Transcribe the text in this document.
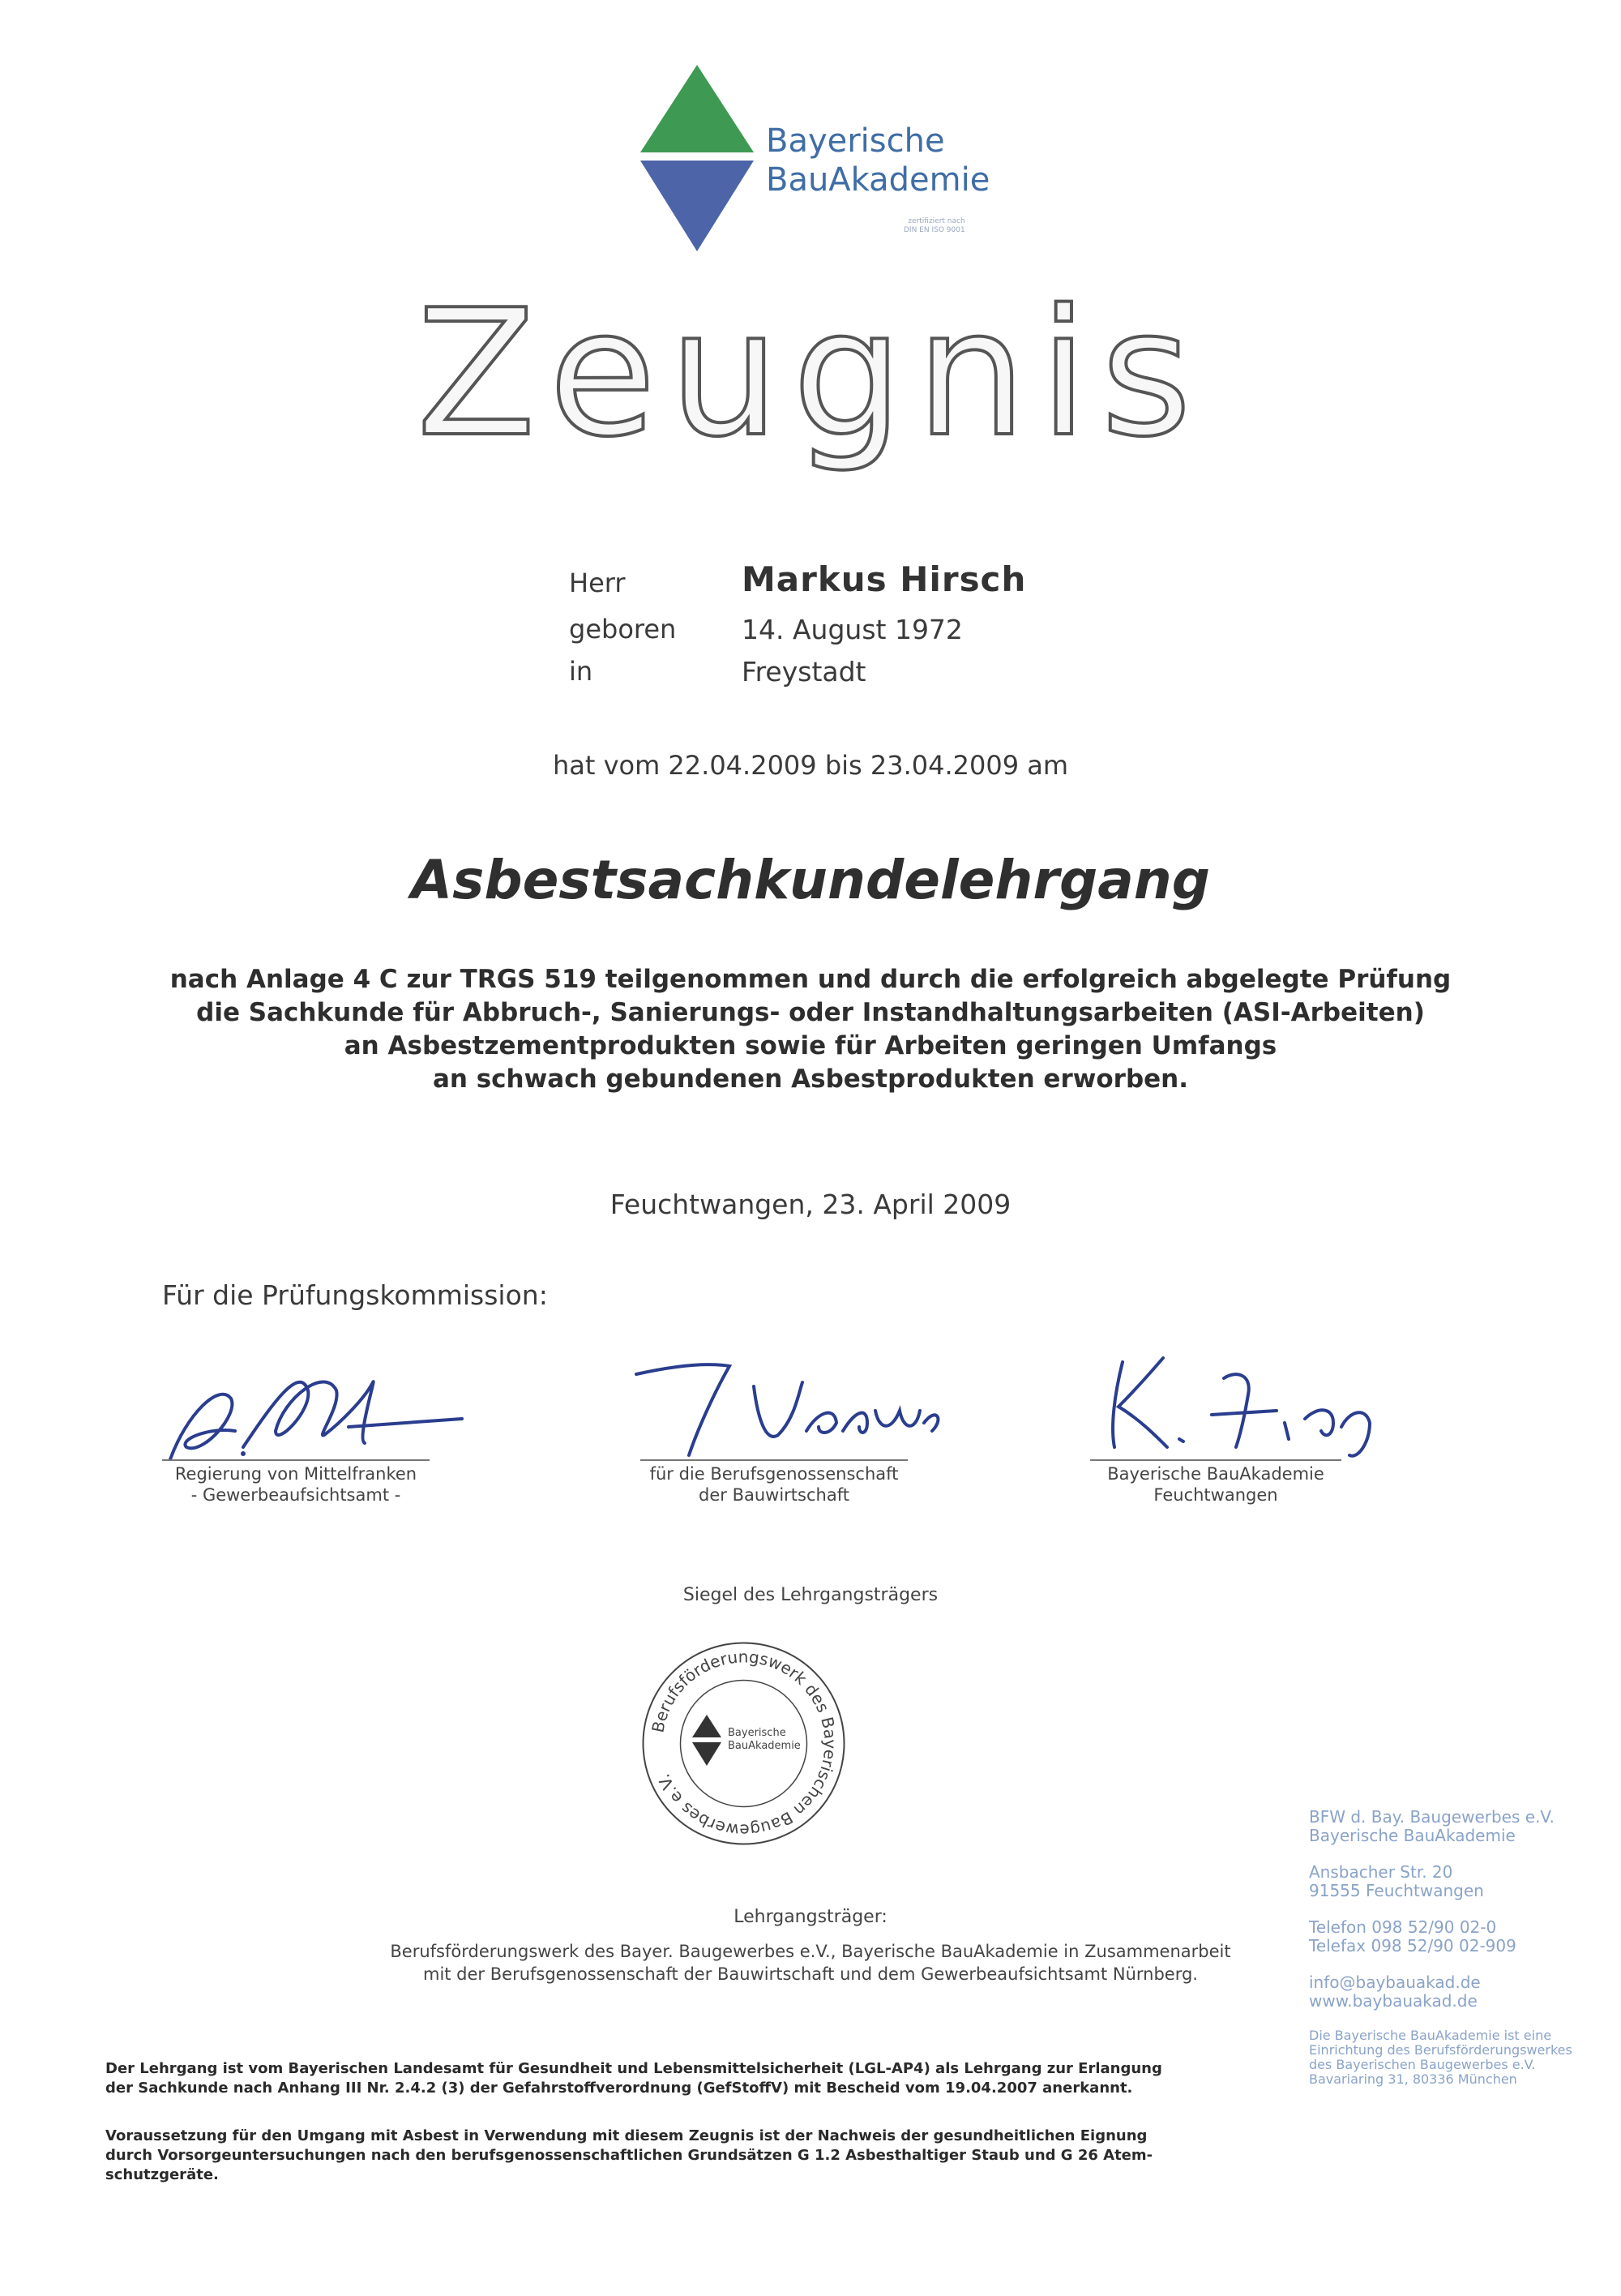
Bayerische
BauAkademie
zertifiziert nach
DIN EN ISO 9001
Zeugnis
Herr	Markus Hirsch
geboren 14. August 1972
in	Freystadt
hat vom 22.04.2009 bis 23.04.2009 am
Asbestsachkundelehrgang
nach Anlage 4 C zur TRGS 519 teilgenommen und durch die erfolgreich abgelegte Prüfung
die Sachkunde für Abbruch-, Sanierungs- oder Instandhaltungsarbeiten (ASI-Arbeiten)
an Asbestzementprodukten sowie für Arbeiten geringen Umfangs
an schwach gebundenen Asbestprodukten erworben.
Feuchtwangen, 23. April 2009
Für die Prüfungskommission:
Regierung von Mittelfranken
- Gewerbeaufsichtsamt -
für die Berufsgenossenschaft
der Bauwirtschaft
Bayerische BauAkademie
Feuchtwangen
Siegel des Lehrgangsträgers
Berufsförderungswerk des Bayerischen Baugewerbes e.V.
Bayerische
BauAkademie
Lehrgangsträger:
Berufsförderungswerk des Bayer. Baugewerbes e.V., Bayerische BauAkademie in Zusammenarbeit
mit der Berufsgenossenschaft der Bauwirtschaft und dem Gewerbeaufsichtsamt Nürnberg.
Der Lehrgang ist vom Bayerischen Landesamt für Gesundheit und Lebensmittelsicherheit (LGL-AP4) als Lehrgang zur Erlangung
der Sachkunde nach Anhang III Nr. 2.4.2 (3) der Gefahrstoffverordnung (GefStoffV) mit Bescheid vom 19.04.2007 anerkannt.
Voraussetzung für den Umgang mit Asbest in Verwendung mit diesem Zeugnis ist der Nachweis der gesundheitlichen Eignung
durch Vorsorgeuntersuchungen nach den berufsgenossenschaftlichen Grundsätzen G 1.2 Asbesthaltiger Staub und G 26 Atem-
schutzgeräte.
BFW d. Bay. Baugewerbes e.V.
Bayerische BauAkademie
Ansbacher Str. 20
91555 Feuchtwangen
Telefon 098 52/90 02-0
Telefax 098 52/90 02-909
info@baybauakad.de
www.baybauakad.de
Die Bayerische BauAkademie ist eine
Einrichtung des Berufsförderungswerkes
des Bayerischen Baugewerbes e.V.
Bavariaring 31, 80336 München
